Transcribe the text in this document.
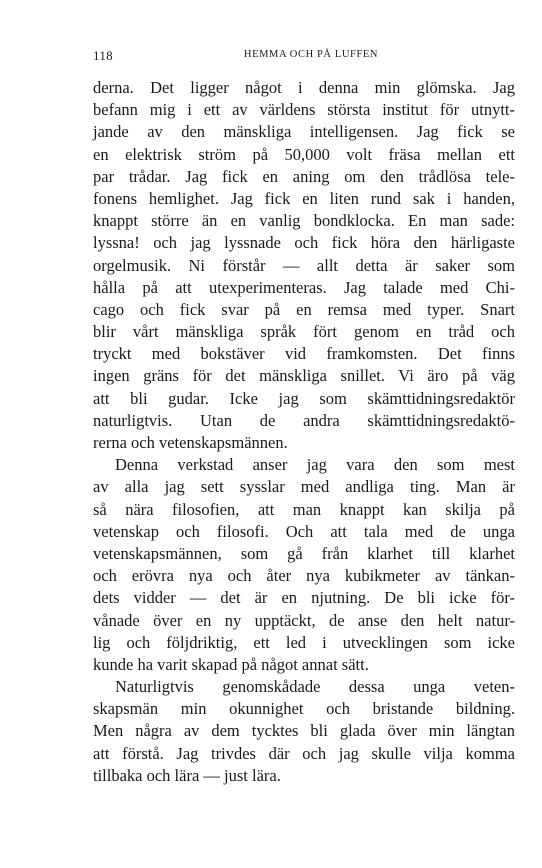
118	HEMMA OCH PÅ LUFFEN
derna. Det ligger något i denna min glömska. Jag
befann mig i ett av världens största institut för utnytt-
jande av den mänskliga intelligensen. Jag fick se
en elektrisk ström på 50,000 volt fräsa mellan ett
par trådar. Jag fick en aning om den trådlösa tele-
fonens hemlighet. Jag fick en liten rund sak i handen,
knappt större än en vanlig bondklocka. En man sade:
lyssna! och jag lyssnade och fick höra den härligaste
orgelmusik. Ni förstår — allt detta är saker som
hålla på att utexperimenteras. Jag talade med Chi-
cago och fick svar på en remsa med typer. Snart
blir vårt mänskliga språk fört genom en tråd och
tryckt med bokstäver vid framkomsten. Det finns
ingen gräns för det mänskliga snillet. Vi äro på väg
att bli gudar. Icke jag som skämttidningsredaktör
naturligtvis. Utan de andra skämttidningsredaktö-
rerna och vetenskapsmännen.
Denna verkstad anser jag vara den som mest
av alla jag sett sysslar med andliga ting. Man är
så nära filosofien, att man knappt kan skilja på
vetenskap och filosofi. Och att tala med de unga
vetenskapsmännen, som gå från klarhet till klarhet
och erövra nya och åter nya kubikmeter av tänkan-
dets vidder — det är en njutning. De bli icke för-
vånade över en ny upptäckt, de anse den helt natur-
lig och följdriktig, ett led i utvecklingen som icke
kunde ha varit skapad på något annat sätt.
Naturligtvis genomskådade dessa unga veten-
skapsmän min okunnighet och bristande bildning.
Men några av dem tycktes bli glada över min längtan
att förstå. Jag trivdes där och jag skulle vilja komma
tillbaka och lära — just lära.
